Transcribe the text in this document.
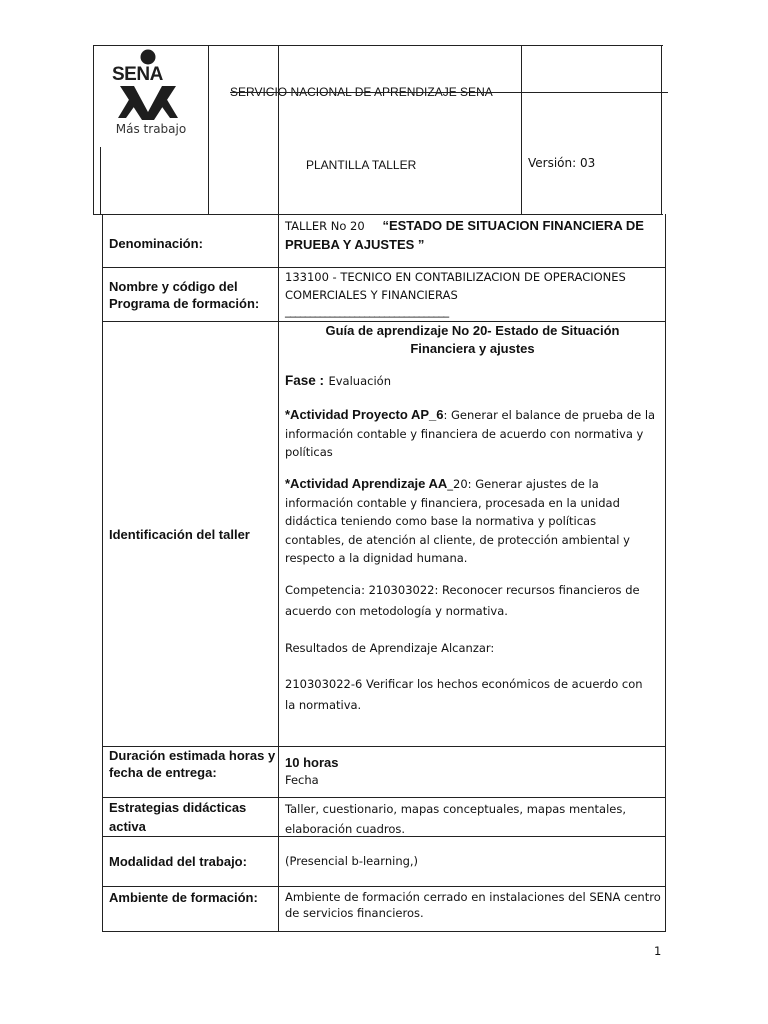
SENA
Más trabajo
SERVICIO NACIONAL DE APRENDIZAJE SENA
PLANTILLA TALLER	Versión: 03
Denominación:
TALLER No 20 “ESTADO DE SITUACION FINANCIERA DE PRUEBA Y AJUSTES ”
Nombre y código del Programa de formación:
133100 - TECNICO EN CONTABILIZACION DE OPERACIONES COMERCIALES Y FINANCIERAS
_________________________________
Identificación del taller
Guía de aprendizaje No 20- Estado de Situación Financiera y ajustes
Fase : Evaluación
*Actividad Proyecto AP_6: Generar el balance de prueba de la información contable y financiera de acuerdo con normativa y políticas
*Actividad Aprendizaje AA_20: Generar ajustes de la información contable y financiera, procesada en la unidad didáctica teniendo como base la normativa y políticas contables, de atención al cliente, de protección ambiental y respecto a la dignidad humana.
Competencia: 210303022: Reconocer recursos financieros de acuerdo con metodología y normativa.
Resultados de Aprendizaje Alcanzar:
210303022-6 Verificar los hechos económicos de acuerdo con la normativa.
Duración estimada horas y fecha de entrega:
10 horas
Fecha
Estrategias didácticas activa
Taller, cuestionario, mapas conceptuales, mapas mentales, elaboración cuadros.
Modalidad del trabajo:	(Presencial b-learning,)
Ambiente de formación: Ambiente de formación cerrado en instalaciones del SENA centro de servicios financieros.
1
